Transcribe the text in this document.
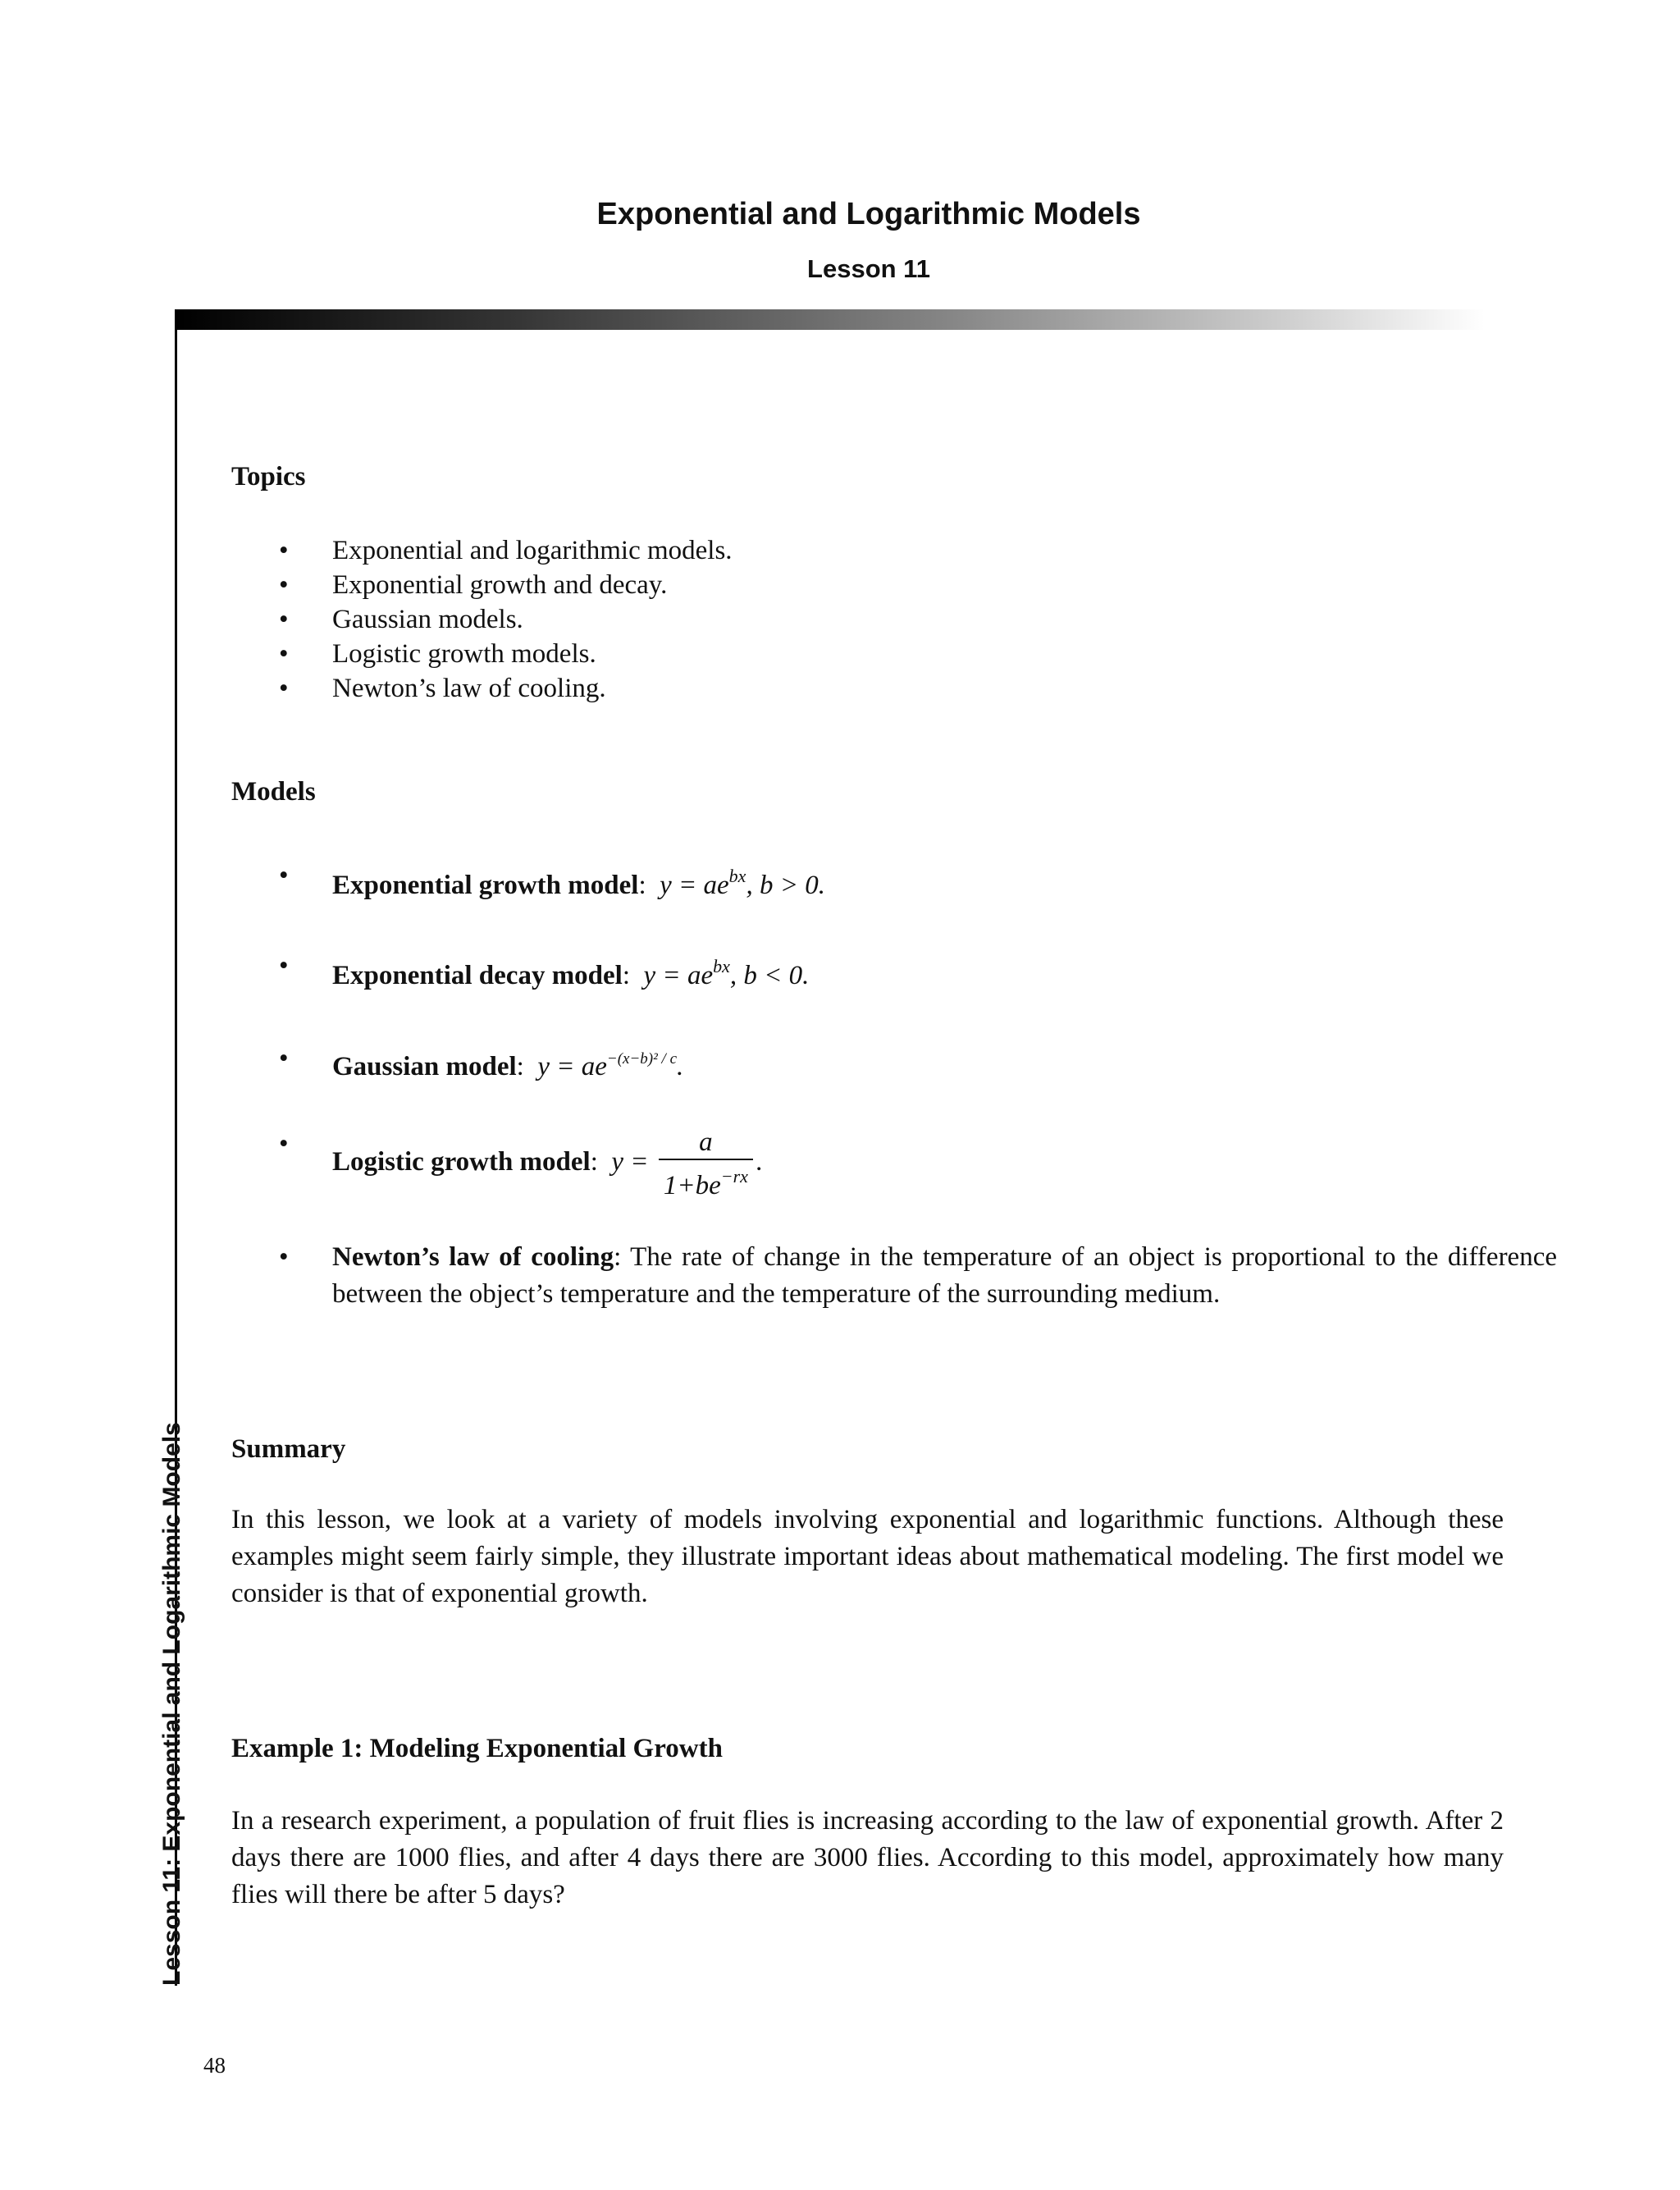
Exponential and Logarithmic Models
Lesson 11
Lesson 11: Exponential and Logarithmic Models
Topics
• Exponential and logarithmic models.
• Exponential growth and decay.
• Gaussian models.
• Logistic growth models.
• Newton’s law of cooling.
Models
• Exponential growth model:  $y = ae^{bx}$, b > 0.
• Exponential decay model:  $y = ae^{bx}$, b < 0.
• Gaussian model:  $y = ae^{-(x-b)^2 / c}$.
• Logistic growth model:  $y = \frac{a}{1+be^{-rx}}$ .
• Newton’s law of cooling: The rate of change in the temperature of an object is proportional to the difference between the object’s temperature and the temperature of the surrounding medium.
Summary

In this lesson, we look at a variety of models involving exponential and logarithmic functions. Although these examples might seem fairly simple, they illustrate important ideas about mathematical modeling. The first model we consider is that of exponential growth.

Example 1: Modeling Exponential Growth

In a research experiment, a population of fruit flies is increasing according to the law of exponential growth. After 2 days there are 1000 flies, and after 4 days there are 3000 flies. According to this model, approximately how many flies will there be after 5 days?

48
